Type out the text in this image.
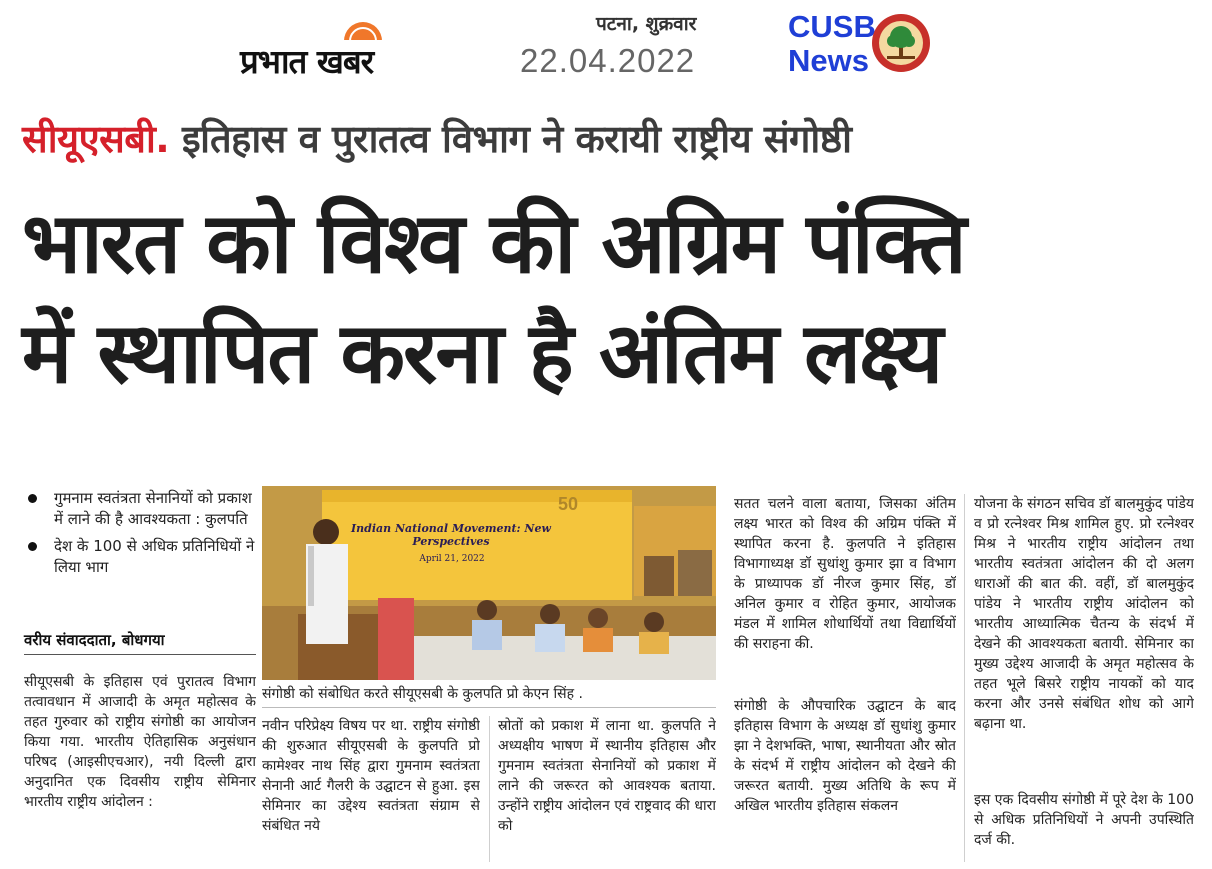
प्रभात खबर
पटना, शुक्रवार
22.04.2022
CUSB
News
सीयूएसबी. इतिहास व पुरातत्व विभाग ने करायी राष्ट्रीय संगोष्ठी
भारत को विश्व की अग्रिम पंक्ति
में स्थापित करना है अंतिम लक्ष्य
गुमनाम स्वतंत्रता सेनानियों को प्रकाश में लाने की है आवश्यकता : कुलपति
देश के 100 से अधिक प्रतिनिधियों ने लिया भाग
वरीय संवाददाता, बोधगया
सीयूएसबी के इतिहास एवं पुरातत्व विभाग तत्वावधान में आजादी के अमृत महोत्सव के तहत गुरुवार को राष्ट्रीय संगोष्ठी का आयोजन किया गया. भारतीय ऐतिहासिक अनुसंधान परिषद (आइसीएचआर), नयी दिल्ली द्वारा अनुदानित एक दिवसीय राष्ट्रीय सेमिनार भारतीय राष्ट्रीय आंदोलन :
50
Indian National Movement: New Perspectives
April 21, 2022
संगोष्ठी को संबोधित करते सीयूएसबी के कुलपति प्रो केएन सिंह .
नवीन परिप्रेक्ष्य विषय पर था. राष्ट्रीय संगोष्ठी की शुरुआत सीयूएसबी के कुलपति प्रो कामेश्वर नाथ सिंह द्वारा गुमनाम स्वतंत्रता सेनानी आर्ट गैलरी के उद्घाटन से हुआ. इस सेमिनार का उद्देश्य स्वतंत्रता संग्राम से संबंधित नये
स्रोतों को प्रकाश में लाना था. कुलपति ने अध्यक्षीय भाषण में स्थानीय इतिहास और गुमनाम स्वतंत्रता सेनानियों को प्रकाश में लाने की जरूरत को आवश्यक बताया. उन्होंने राष्ट्रीय आंदोलन एवं राष्ट्रवाद की धारा को
सतत चलने वाला बताया, जिसका अंतिम लक्ष्य भारत को विश्व की अग्रिम पंक्ति में स्थापित करना है. कुलपति ने इतिहास विभागाध्यक्ष डॉ सुधांशु कुमार झा व विभाग के प्राध्यापक डॉ नीरज कुमार सिंह, डॉ अनिल कुमार व रोहित कुमार, आयोजक मंडल में शामिल शोधार्थियों तथा विद्यार्थियों की सराहना की.
संगोष्ठी के औपचारिक उद्घाटन के बाद इतिहास विभाग के अध्यक्ष डॉ सुधांशु कुमार झा ने देशभक्ति, भाषा, स्थानीयता और स्रोत के संदर्भ में राष्ट्रीय आंदोलन को देखने की जरूरत बतायी. मुख्य अतिथि के रूप में अखिल भारतीय इतिहास संकलन
योजना के संगठन सचिव डॉ बालमुकुंद पांडेय व प्रो रत्नेश्वर मिश्र शामिल हुए. प्रो रत्नेश्वर मिश्र ने भारतीय राष्ट्रीय आंदोलन तथा भारतीय स्वतंत्रता आंदोलन की दो अलग धाराओं की बात की. वहीं, डॉ बालमुकुंद पांडेय ने भारतीय राष्ट्रीय आंदोलन को भारतीय आध्यात्मिक चैतन्य के संदर्भ में देखने की आवश्यकता बतायी. सेमिनार का मुख्य उद्देश्य आजादी के अमृत महोत्सव के तहत भूले बिसरे राष्ट्रीय नायकों को याद करना और उनसे संबंधित शोध को आगे बढ़ाना था.
इस एक दिवसीय संगोष्ठी में पूरे देश के 100 से अधिक प्रतिनिधियों ने अपनी उपस्थिति दर्ज की.
